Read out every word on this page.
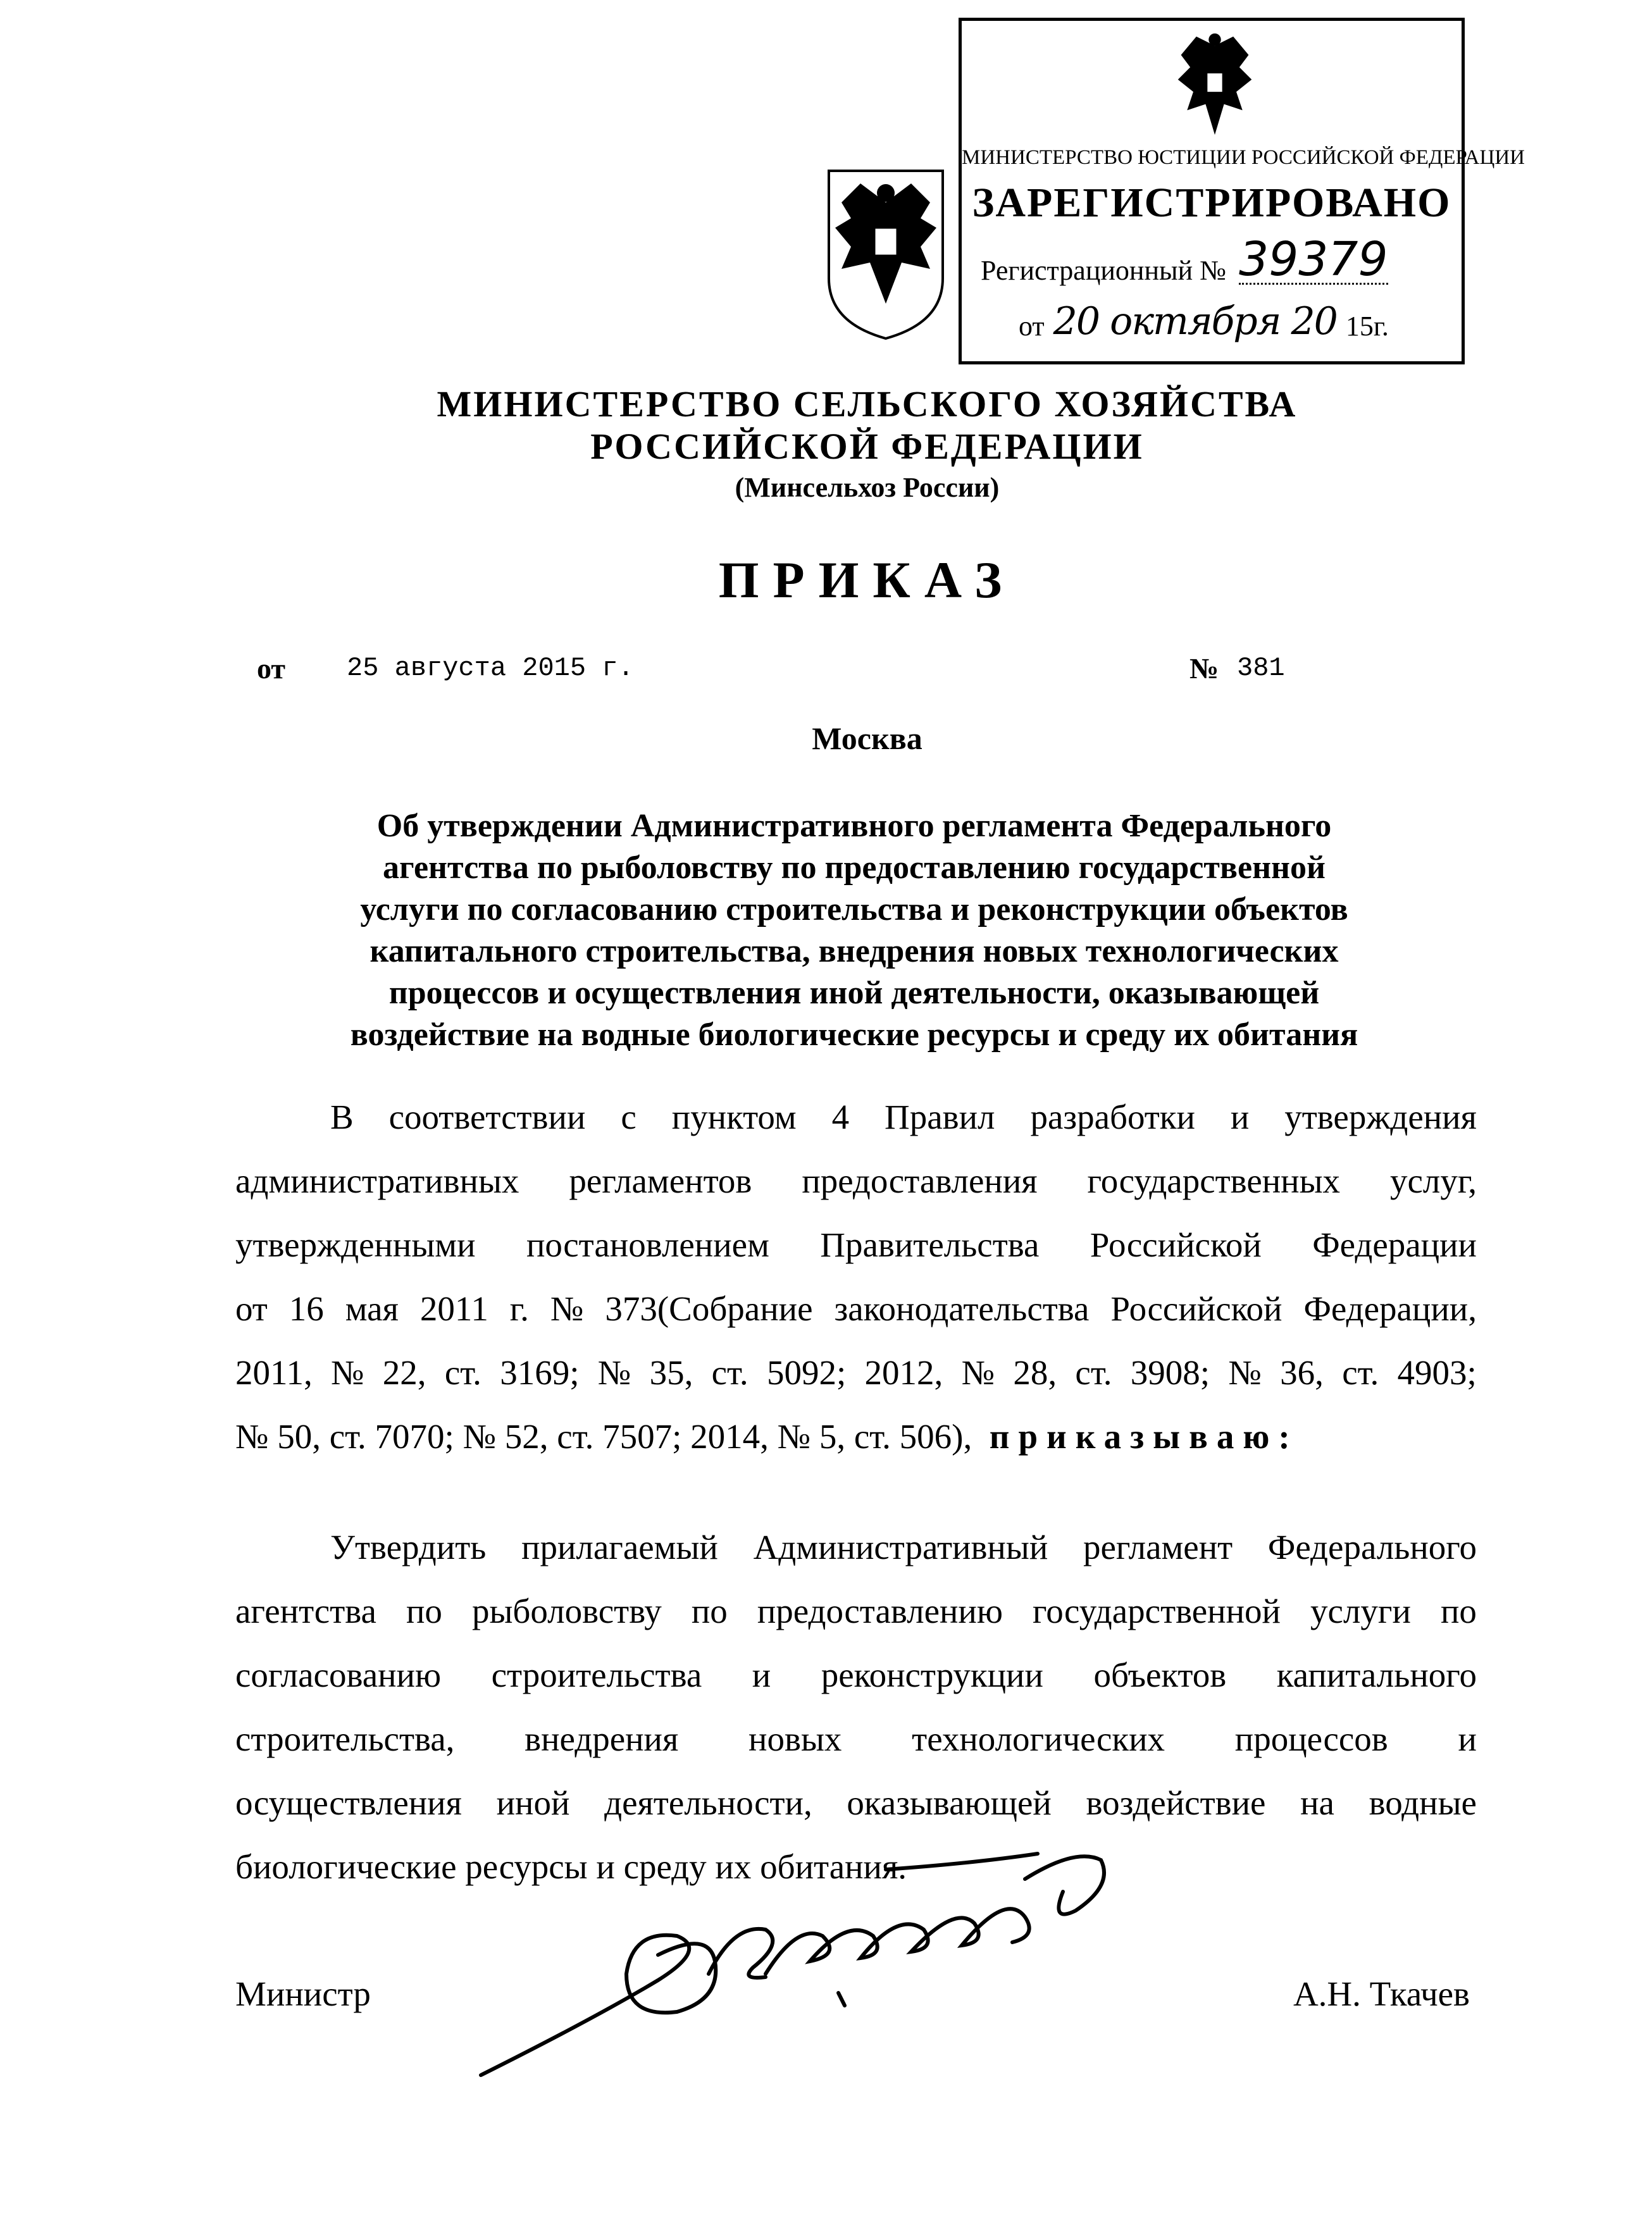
МИНИСТЕРСТВО ЮСТИЦИИ РОССИЙСКОЙ ФЕДЕРАЦИИ
ЗАРЕГИСТРИРОВАНО
Регистрационный № 39379
от 20 октября 20 15г.
МИНИСТЕРСТВО СЕЛЬСКОГО ХОЗЯЙСТВА
РОССИЙСКОЙ ФЕДЕРАЦИИ
(Минсельхоз России)
ПРИКАЗ
от 25 августа 2015 г.	№ 381
Москва
Об утверждении Административного регламента Федерального
агентства по рыболовству по предоставлению государственной
услуги по согласованию строительства и реконструкции объектов
капитального строительства, внедрения новых технологических
процессов и осуществления иной деятельности, оказывающей
воздействие на водные биологические ресурсы и среду их обитания
В соответствии с пунктом 4 Правил разработки и утверждения
административных регламентов предоставления государственных услуг,
утвержденными постановлением Правительства Российской Федерации
от 16 мая 2011 г. № 373(Собрание законодательства Российской Федерации,
2011, № 22, ст. 3169; № 35, ст. 5092; 2012, № 28, ст. 3908; № 36, ст. 4903;
№ 50, ст. 7070; № 52, ст. 7507; 2014, № 5, ст. 506), приказываю:
Утвердить прилагаемый Административный регламент Федерального
агентства по рыболовству по предоставлению государственной услуги по
согласованию строительства и реконструкции объектов капитального
строительства, внедрения новых технологических процессов и
осуществления иной деятельности, оказывающей воздействие на водные
биологические ресурсы и среду их обитания.
Министр	А.Н. Ткачев
